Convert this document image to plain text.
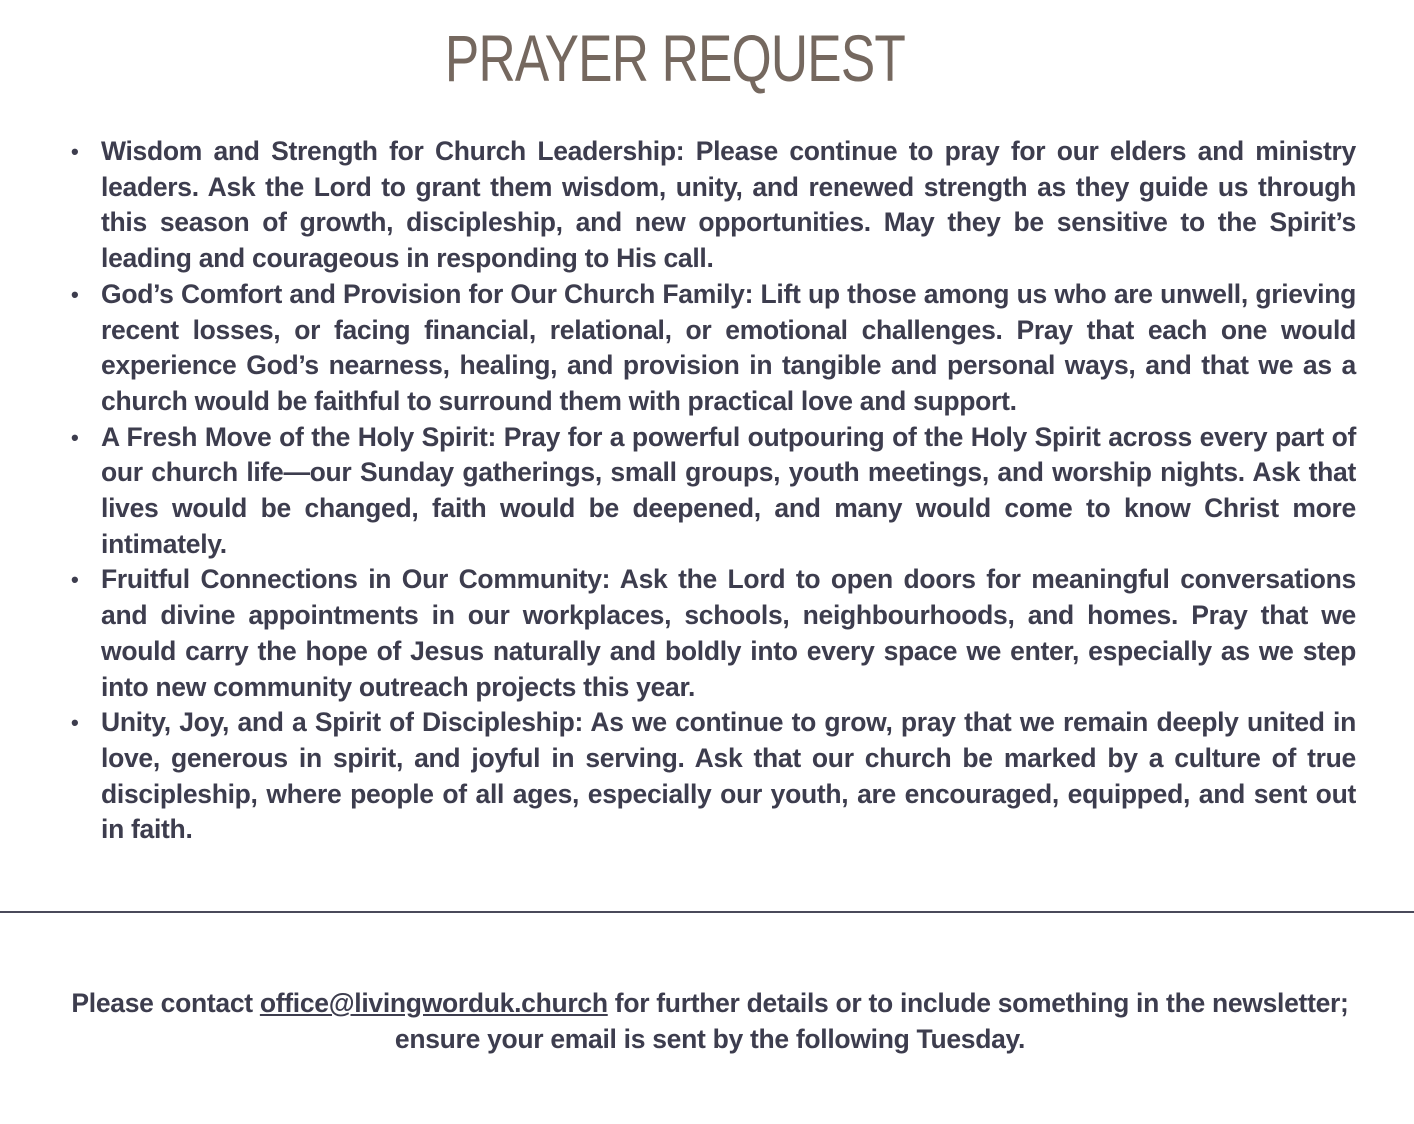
PRAYER REQUEST
• Wisdom and Strength for Church Leadership: Please continue to pray for our elders and ministry leaders. Ask the Lord to grant them wisdom, unity, and renewed strength as they guide us through this season of growth, discipleship, and new opportunities. May they be sensitive to the Spirit’s leading and courageous in responding to His call.
• God’s Comfort and Provision for Our Church Family: Lift up those among us who are unwell, grieving recent losses, or facing financial, relational, or emotional challenges. Pray that each one would experience God’s nearness, healing, and provision in tangible and personal ways, and that we as a church would be faithful to surround them with practical love and support.
• A Fresh Move of the Holy Spirit: Pray for a powerful outpouring of the Holy Spirit across every part of our church life—our Sunday gatherings, small groups, youth meetings, and worship nights. Ask that lives would be changed, faith would be deepened, and many would come to know Christ more intimately.
• Fruitful Connections in Our Community: Ask the Lord to open doors for meaningful conversations and divine appointments in our workplaces, schools, neighbourhoods, and homes. Pray that we would carry the hope of Jesus naturally and boldly into every space we enter, especially as we step into new community outreach projects this year.
• Unity, Joy, and a Spirit of Discipleship: As we continue to grow, pray that we remain deeply united in love, generous in spirit, and joyful in serving. Ask that our church be marked by a culture of true discipleship, where people of all ages, especially our youth, are encouraged, equipped, and sent out in faith.

Please contact office@livingworduk.church for further details or to include something in the newsletter; ensure your email is sent by the following Tuesday.
